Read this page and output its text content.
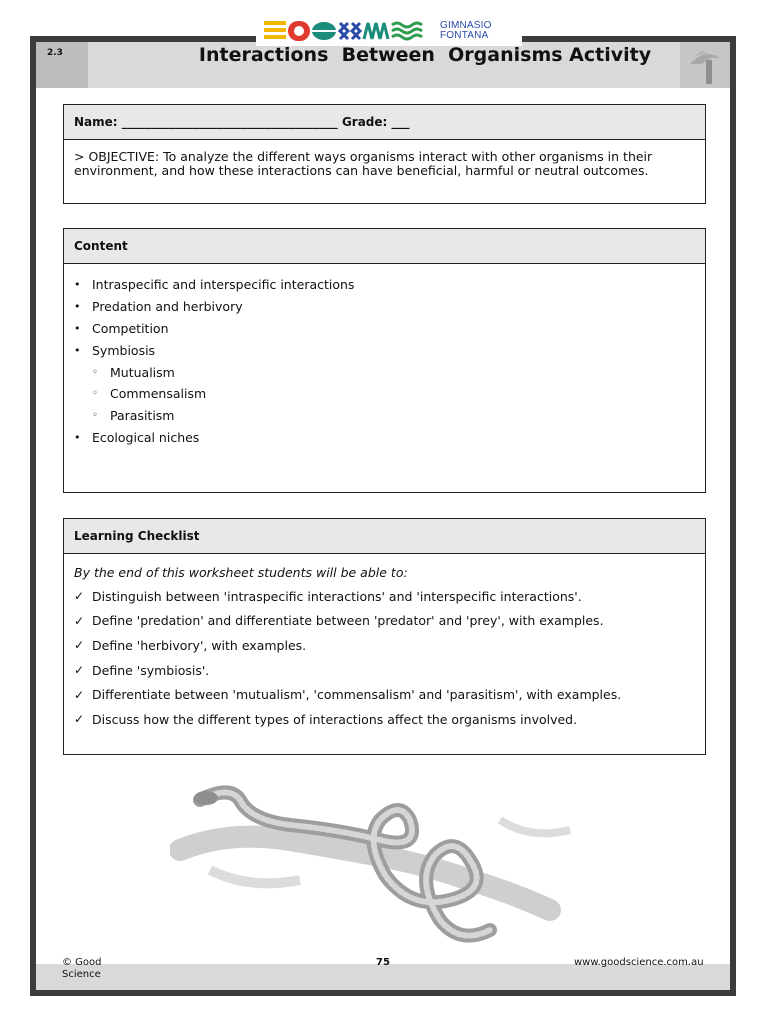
2.3
GIMNASIO
FONTANA
Interactions  Between  Organisms Activity
Name: ____________________________________ Grade: ___
> OBJECTIVE: To analyze the different ways organisms interact with other organisms in their environment, and how these interactions can have beneficial, harmful or neutral outcomes.
Content
• Intraspecific and interspecific interactions
• Predation and herbivory
• Competition
• Symbiosis
◦ Mutualism
◦ Commensalism
◦ Parasitism
• Ecological niches
Learning Checklist
By the end of this worksheet students will be able to:
✓ Distinguish between 'intraspecific interactions' and 'interspecific interactions'.
✓ Define 'predation' and differentiate between 'predator' and 'prey', with examples.
✓ Define 'herbivory', with examples.
✓ Define 'symbiosis'.
✓ Differentiate between 'mutualism', 'commensalism' and 'parasitism', with examples.
✓ Discuss how the different types of interactions affect the organisms involved.
© Good Science
75	www.goodscience.com.au
